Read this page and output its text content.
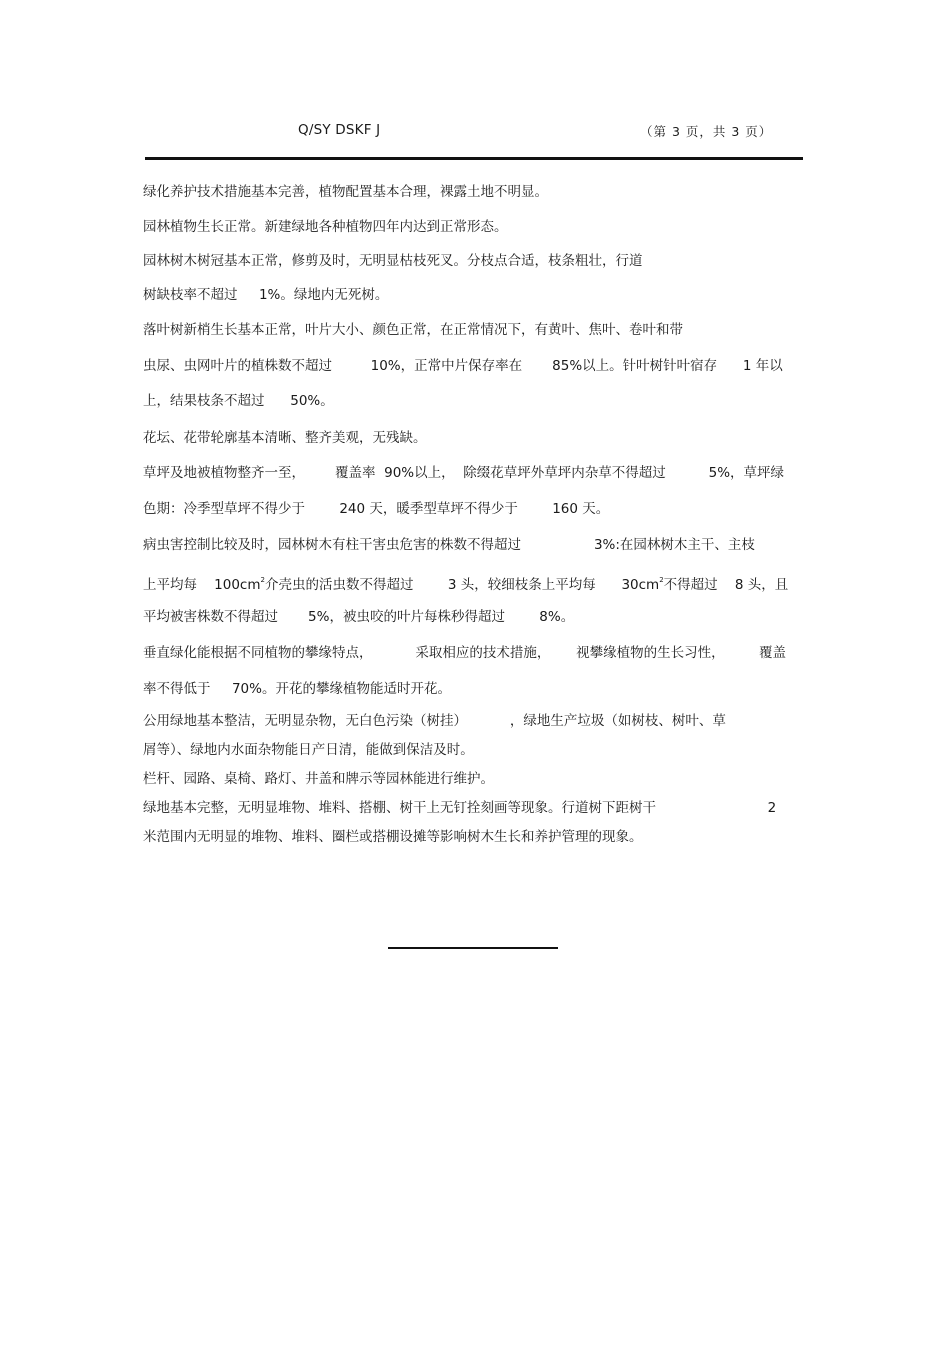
Q/SY DSKF J	（第 3 页，共 3 页）
绿化养护技术措施基本完善，植物配置基本合理，裸露土地不明显。
园林植物生长正常。新建绿地各种植物四年内达到正常形态。
园林树木树冠基本正常，修剪及时，无明显枯枝死叉。分枝点合适，枝条粗壮，行道
树缺枝率不超过     1%。绿地内无死树。
落叶树新梢生长基本正常，叶片大小、颜色正常，在正常情况下，有黄叶、焦叶、卷叶和带
虫尿、虫网叶片的植株数不超过         10%，正常中片保存率在       85%以上。针叶树针叶宿存      1 年以
上，结果枝条不超过      50%。
花坛、花带轮廓基本清晰、整齐美观，无残缺。
草坪及地被植物整齐一至，       覆盖率  90%以上，  除缀花草坪外草坪内杂草不得超过          5%，草坪绿
色期：冷季型草坪不得少于        240 天，暖季型草坪不得少于        160 天。
病虫害控制比较及时，园林树木有柱干害虫危害的株数不得超过                 3%:在园林树木主干、主枝
上平均每    $100cm^2$介壳虫的活虫数不得超过        3 头，较细枝条上平均每      $30cm^2$不得超过    8 头，且
平均被害株数不得超过       5%，被虫咬的叶片每株秒得超过        8%。
垂直绿化能根据不同植物的攀缘特点，          采取相应的技术措施，      视攀缘植物的生长习性，        覆盖
率不得低于     70%。开花的攀缘植物能适时开花。
公用绿地基本整洁，无明显杂物，无白色污染（树挂）          ，绿地生产垃圾（如树枝、树叶、草
屑等）、绿地内水面杂物能日产日清，能做到保洁及时。
栏杆、园路、桌椅、路灯、井盖和牌示等园林能进行维护。
绿地基本完整，无明显堆物、堆料、搭棚、树干上无钉拴刻画等现象。行道树下距树干                          2
米范围内无明显的堆物、堆料、圈栏或搭棚设摊等影响树木生长和养护管理的现象。
